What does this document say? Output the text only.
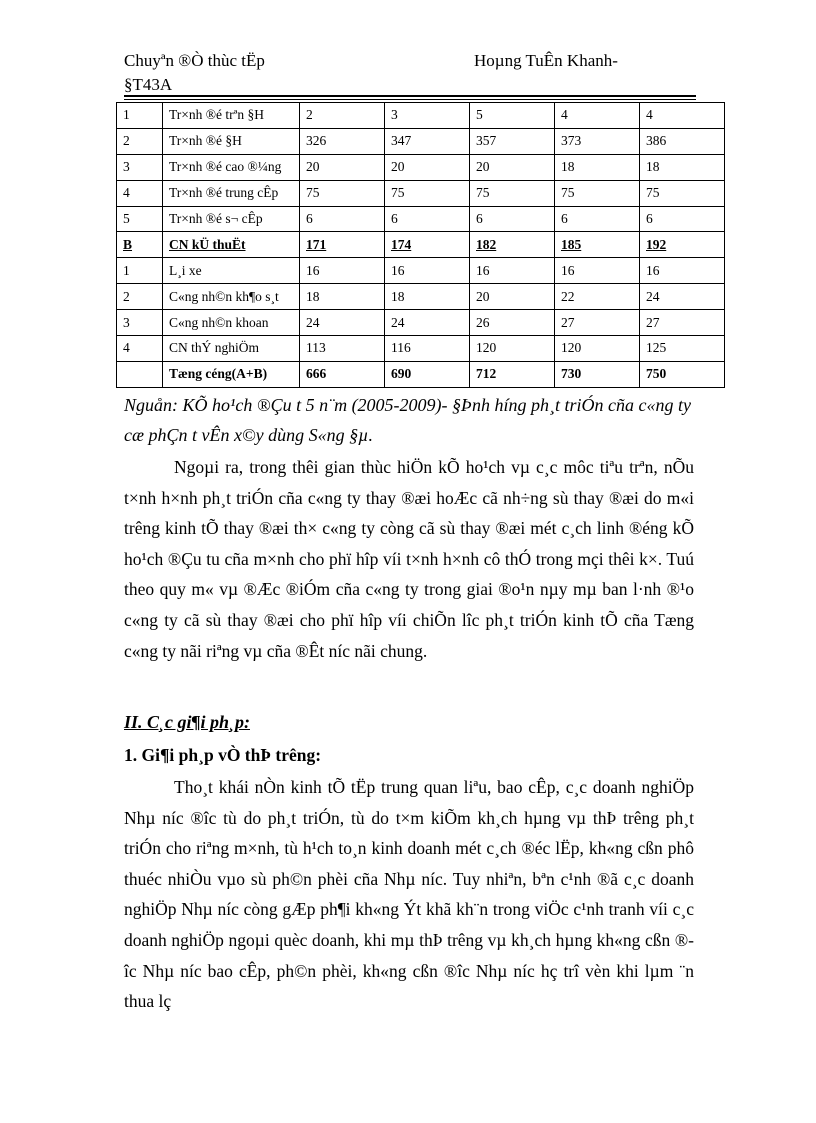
Chuyªn ®Ò thùc tËp	Hoµng TuÊn Khanh-
§T43A
1	Tr×nh ®é trªn §H	2	3	5	4	4
2	Tr×nh ®é §H	326	347	357	373	386
3	Tr×nh ®é cao ®¼ng	20	20	20	18	18
4	Tr×nh ®é trung cÊp	75	75	75	75	75
5	Tr×nh ®é s¬ cÊp	6	6	6	6	6
B	CN kÜ thuËt	171	174	182	185	192
1	L¸i xe	16	16	16	16	16
2	C«ng nh©n kh¶o s¸t	18	18	20	22	24
3	C«ng nh©n khoan	24	24	26	27	27
4	CN thÝ nghiÖm	113	116	120	120	125
	Tæng céng(A+B)	666	690	712	730	750
Nguån: KÕ ho¹ch ®Çu t 5 n¨m (2005-2009)- §Þnh híng ph¸t triÓn cña c«ng ty cæ phÇn t vÊn x©y dùng S«ng §µ.
Ngoµi ra, trong thêi gian thùc hiÖn kÕ ho¹ch vµ c¸c môc tiªu trªn, nÕu t×nh h×nh ph¸t triÓn cña c«ng ty thay ®æi hoÆc cã nh÷ng sù thay ®æi do m«i trêng kinh tÕ thay ®æi th× c«ng ty còng cã sù thay ®æi mét c¸ch linh ®éng kÕ ho¹ch ®Çu tu cña m×nh cho phï hîp víi t×nh h×nh cô thÓ trong mçi thêi k×. Tuú theo quy m« vµ ®Æc ®iÓm cña c«ng ty trong giai ®o¹n nµy mµ ban l·nh ®¹o c«ng ty cã sù thay ®æi cho phï hîp víi chiÕn lîc ph¸t triÓn kinh tÕ cña Tæng c«ng ty nãi riªng vµ cña ®Êt níc nãi chung.
II. C¸c gi¶i ph¸p:
1. Gi¶i ph¸p vÒ thÞ trêng:
Tho¸t khái nÒn kinh tÕ tËp trung quan liªu, bao cÊp, c¸c doanh nghiÖp Nhµ níc ®îc tù do ph¸t triÓn, tù do t×m kiÕm kh¸ch hµng vµ thÞ trêng ph¸t triÓn cho riªng m×nh, tù h¹ch to¸n kinh doanh mét c¸ch ®éc lËp, kh«ng cßn phô thuéc nhiÒu vµo sù ph©n phèi cña Nhµ níc. Tuy nhiªn, bªn c¹nh ®ã c¸c doanh nghiÖp Nhµ níc còng gÆp ph¶i kh«ng Ýt khã kh¨n trong viÖc c¹nh tranh víi c¸c doanh nghiÖp ngoµi quèc doanh, khi mµ thÞ trêng vµ kh¸ch hµng kh«ng cßn ®îc Nhµ níc bao cÊp, ph©n phèi, kh«ng cßn ®îc Nhµ níc hç trî vèn khi lµm ¨n thua lç
